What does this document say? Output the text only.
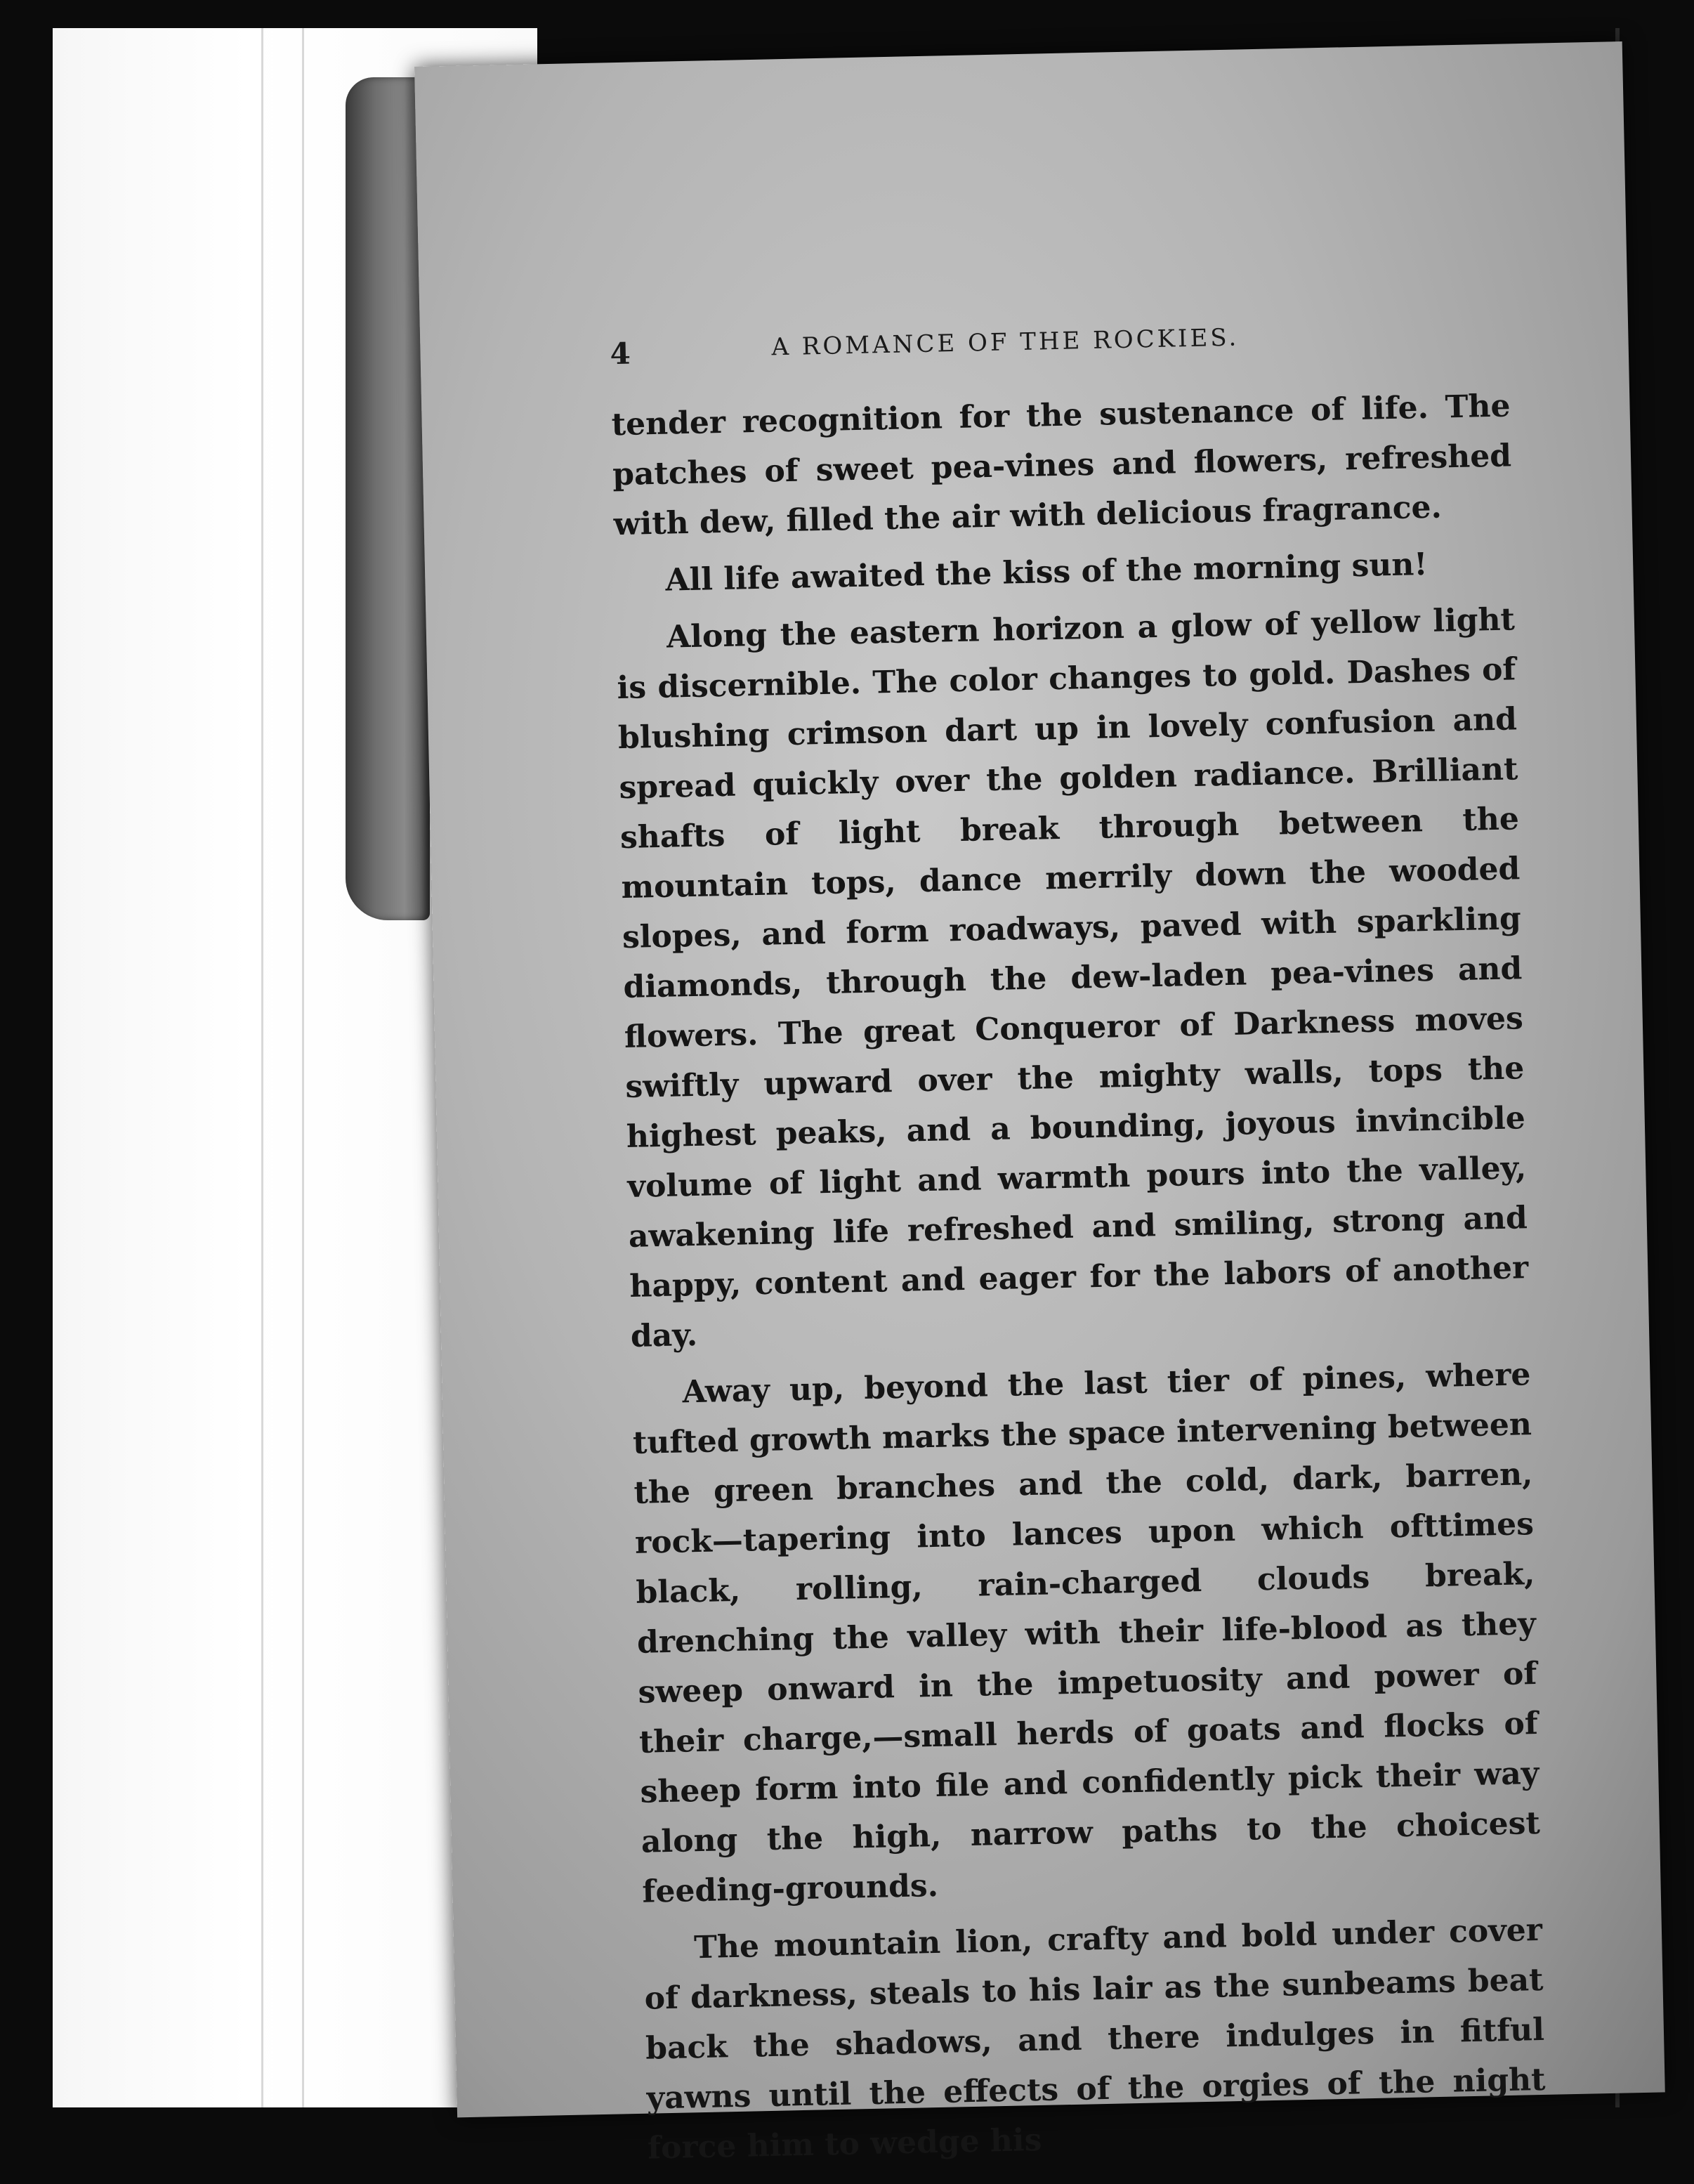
4	A ROMANCE OF THE ROCKIES.

tender recognition for the sustenance of life. The patches of sweet pea-vines and flowers, refreshed with dew, filled the air with delicious fragrance.

All life awaited the kiss of the morning sun!

Along the eastern horizon a glow of yellow light is discernible. The color changes to gold. Dashes of blushing crimson dart up in lovely confusion and spread quickly over the golden radiance. Brilliant shafts of light break through between the mountain tops, dance merrily down the wooded slopes, and form roadways, paved with sparkling diamonds, through the dew-laden pea-vines and flowers. The great Conqueror of Darkness moves swiftly upward over the mighty walls, tops the highest peaks, and a bounding, joyous invincible volume of light and warmth pours into the valley, awakening life refreshed and smiling, strong and happy, content and eager for the labors of another day.

Away up, beyond the last tier of pines, where tufted growth marks the space intervening between the green branches and the cold, dark, barren, rock—tapering into lances upon which ofttimes black, rolling, rain-charged clouds break, drenching the valley with their life-blood as they sweep onward in the impetuosity and power of their charge,—small herds of goats and flocks of sheep form into file and confidently pick their way along the high, narrow paths to the choicest feeding-grounds.

The mountain lion, crafty and bold under cover of darkness, steals to his lair as the sunbeams beat back the shadows, and there indulges in fitful yawns until the effects of the orgies of the night force him to wedge his
